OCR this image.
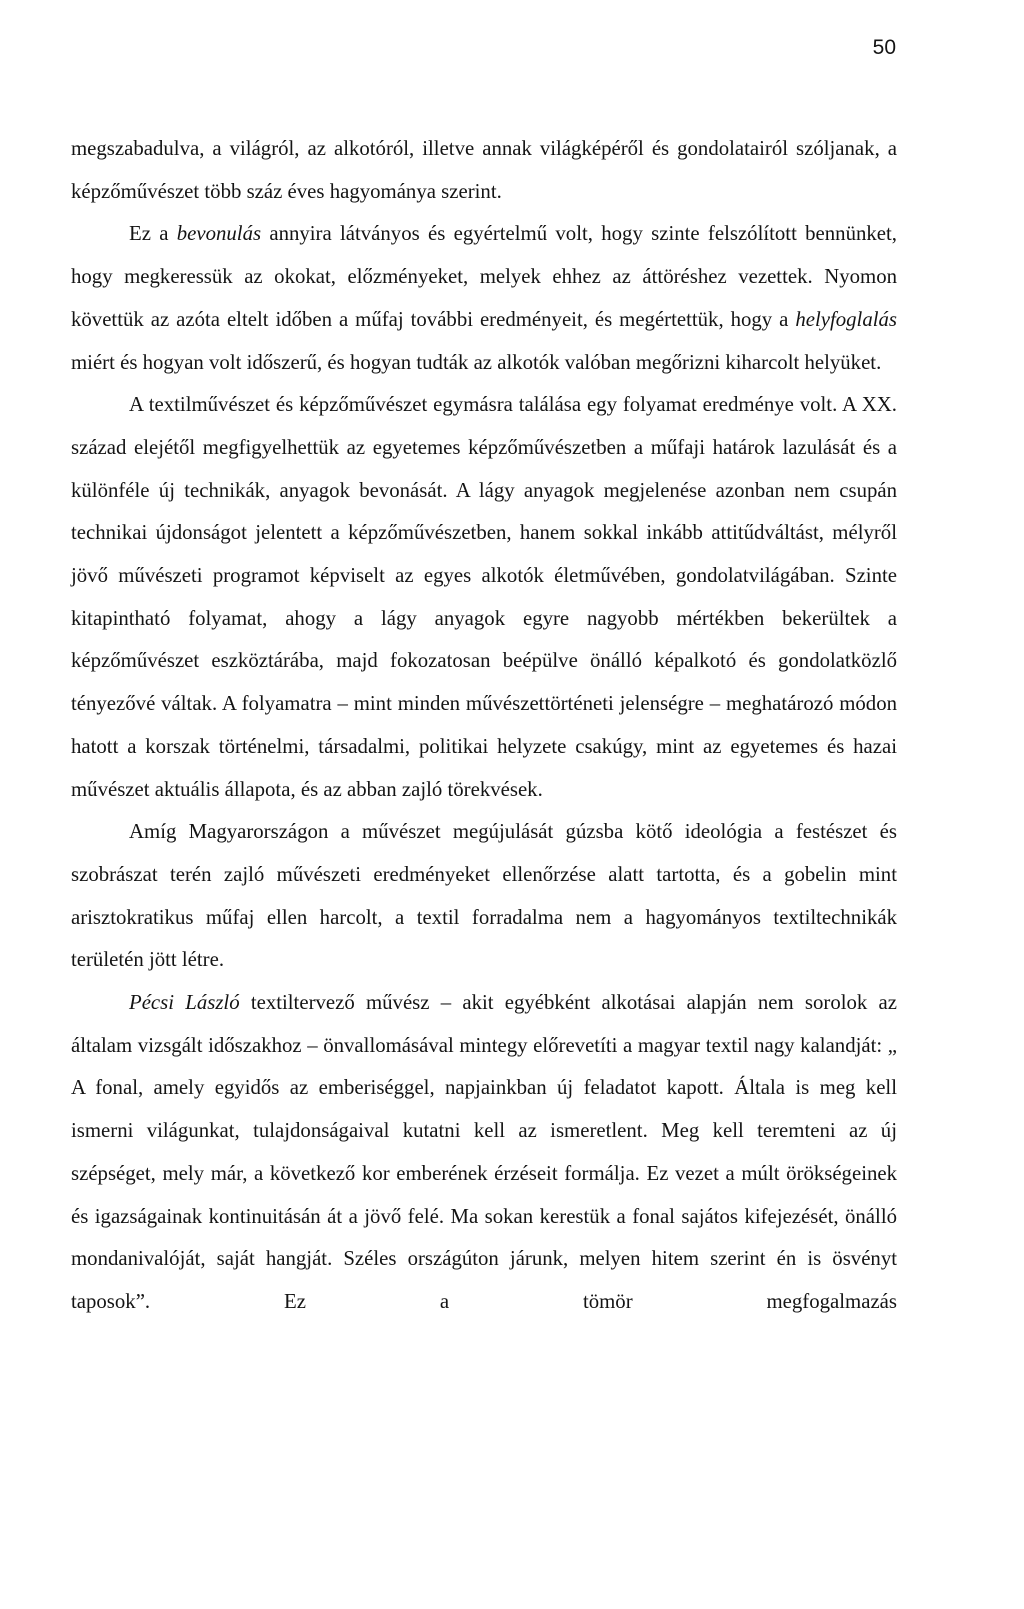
50

megszabadulva, a világról, az alkotóról, illetve annak világképéről és gondolatairól szóljanak, a képzőművészet több száz éves hagyománya szerint.

Ez a bevonulás annyira látványos és egyértelmű volt, hogy szinte felszólított bennünket, hogy megkeressük az okokat, előzményeket, melyek ehhez az áttöréshez vezettek. Nyomon követtük az azóta eltelt időben a műfaj további eredményeit, és megértettük, hogy a helyfoglalás miért és hogyan volt időszerű, és hogyan tudták az alkotók valóban megőrizni kiharcolt helyüket.

A textilművészet és képzőművészet egymásra találása egy folyamat eredménye volt. A XX. század elejétől megfigyelhettük az egyetemes képzőművészetben a műfaji határok lazulását és a különféle új technikák, anyagok bevonását. A lágy anyagok megjelenése azonban nem csupán technikai újdonságot jelentett a képzőművészetben, hanem sokkal inkább attitűdváltást, mélyről jövő művészeti programot képviselt az egyes alkotók életművében, gondolatvilágában. Szinte kitapintható folyamat, ahogy a lágy anyagok egyre nagyobb mértékben bekerültek a képzőművészet eszköztárába, majd fokozatosan beépülve önálló képalkotó és gondolatközlő tényezővé váltak. A folyamatra – mint minden művészettörténeti jelenségre – meghatározó módon hatott a korszak történelmi, társadalmi, politikai helyzete csakúgy, mint az egyetemes és hazai művészet aktuális állapota, és az abban zajló törekvések.

Amíg Magyarországon a művészet megújulását gúzsba kötő ideológia a festészet és szobrászat terén zajló művészeti eredményeket ellenőrzése alatt tartotta, és a gobelin mint arisztokratikus műfaj ellen harcolt, a textil forradalma nem a hagyományos textiltechnikák területén jött létre.

Pécsi László textiltervező művész – akit egyébként alkotásai alapján nem sorolok az általam vizsgált időszakhoz – önvallomásával mintegy előrevetíti a magyar textil nagy kalandját: „ A fonal, amely egyidős az emberiséggel, napjainkban új feladatot kapott. Általa is meg kell ismerni világunkat, tulajdonságaival kutatni kell az ismeretlent. Meg kell teremteni az új szépséget, mely már, a következő kor emberének érzéseit formálja. Ez vezet a múlt örökségeinek és igazságainak kontinuitásán át a jövő felé. Ma sokan kerestük a fonal sajátos kifejezését, önálló mondanivalóját, saját hangját. Széles országúton járunk, melyen hitem szerint én is ösvényt taposok”. Ez a tömör megfogalmazás
